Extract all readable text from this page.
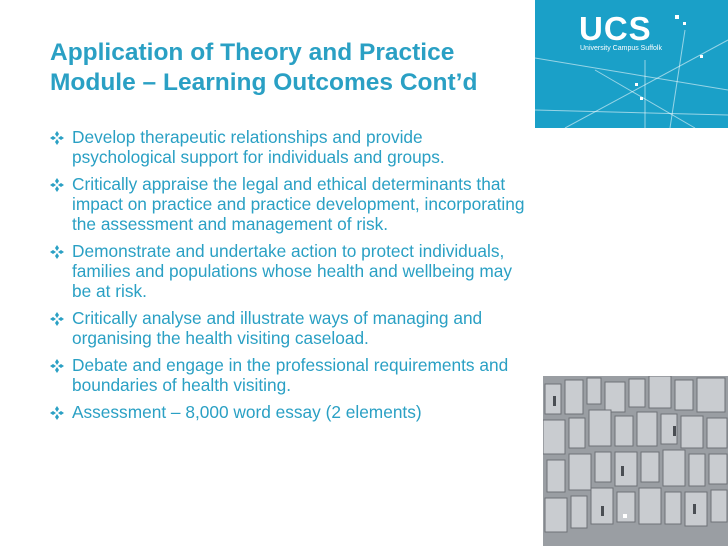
UCS
University Campus Suffolk
Application of Theory and Practice
Module – Learning Outcomes Cont’d
Develop therapeutic relationships and provide psychological support for individuals and groups.
Critically appraise the legal and ethical determinants that impact on practice and practice development, incorporating the assessment and management of risk.
Demonstrate and undertake action to protect individuals, families and populations whose health and wellbeing may be at risk.
Critically analyse and illustrate ways of managing and organising the health visiting caseload.
Debate and engage in the professional requirements and boundaries of health visiting.
Assessment – 8,000 word essay (2 elements)
